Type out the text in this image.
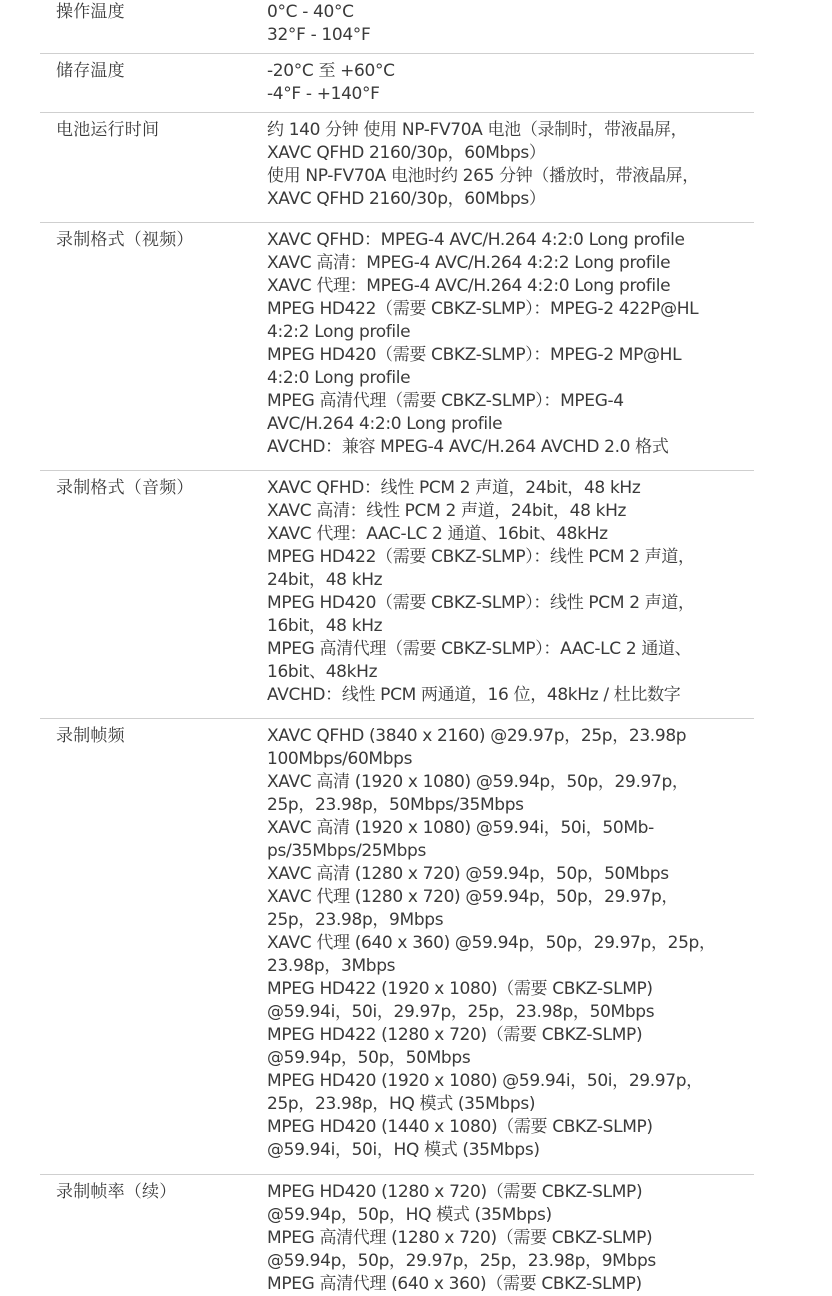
操作温度	0°C - 40°C
32°F - 104°F
储存温度	-20°C 至 +60°C
-4°F - +140°F
电池运行时间	约 140 分钟 使用 NP-FV70A 电池（录制时，带液晶屏，
XAVC QFHD 2160/30p，60Mbps）
使用 NP-FV70A 电池时约 265 分钟（播放时，带液晶屏，
XAVC QFHD 2160/30p，60Mbps）
录制格式（视频）	XAVC QFHD：MPEG-4 AVC/H.264 4:2:0 Long profile
XAVC 高清：MPEG-4 AVC/H.264 4:2:2 Long profile
XAVC 代理：MPEG-4 AVC/H.264 4:2:0 Long profile
MPEG HD422（需要 CBKZ-SLMP）：MPEG-2 422P@HL
4:2:2 Long profile
MPEG HD420（需要 CBKZ-SLMP）：MPEG-2 MP@HL
4:2:0 Long profile
MPEG 高清代理（需要 CBKZ-SLMP）：MPEG-4
AVC/H.264 4:2:0 Long profile
AVCHD：兼容 MPEG-4 AVC/H.264 AVCHD 2.0 格式
录制格式（音频）	XAVC QFHD：线性 PCM 2 声道，24bit，48 kHz
XAVC 高清：线性 PCM 2 声道，24bit，48 kHz
XAVC 代理：AAC-LC 2 通道、16bit、48kHz
MPEG HD422（需要 CBKZ-SLMP）：线性 PCM 2 声道，
24bit，48 kHz
MPEG HD420（需要 CBKZ-SLMP）：线性 PCM 2 声道，
16bit，48 kHz
MPEG 高清代理（需要 CBKZ-SLMP）：AAC-LC 2 通道、
16bit、48kHz
AVCHD：线性 PCM 两通道，16 位，48kHz / 杜比数字
录制帧频	XAVC QFHD (3840 x 2160) @29.97p，25p，23.98p
100Mbps/60Mbps
XAVC 高清 (1920 x 1080) @59.94p，50p，29.97p，
25p，23.98p，50Mbps/35Mbps
XAVC 高清 (1920 x 1080) @59.94i，50i，50Mb-
ps/35Mbps/25Mbps
XAVC 高清 (1280 x 720) @59.94p，50p，50Mbps
XAVC 代理 (1280 x 720) @59.94p，50p，29.97p，
25p，23.98p，9Mbps
XAVC 代理 (640 x 360) @59.94p，50p，29.97p，25p，
23.98p，3Mbps
MPEG HD422 (1920 x 1080)（需要 CBKZ-SLMP)
@59.94i，50i，29.97p，25p，23.98p，50Mbps
MPEG HD422 (1280 x 720)（需要 CBKZ-SLMP)
@59.94p，50p，50Mbps
MPEG HD420 (1920 x 1080) @59.94i，50i，29.97p，
25p，23.98p，HQ 模式 (35Mbps)
MPEG HD420 (1440 x 1080)（需要 CBKZ-SLMP)
@59.94i，50i，HQ 模式 (35Mbps)
录制帧率（续）	MPEG HD420 (1280 x 720)（需要 CBKZ-SLMP)
@59.94p，50p，HQ 模式 (35Mbps)
MPEG 高清代理 (1280 x 720)（需要 CBKZ-SLMP)
@59.94p，50p，29.97p，25p，23.98p，9Mbps
MPEG 高清代理 (640 x 360)（需要 CBKZ-SLMP)
